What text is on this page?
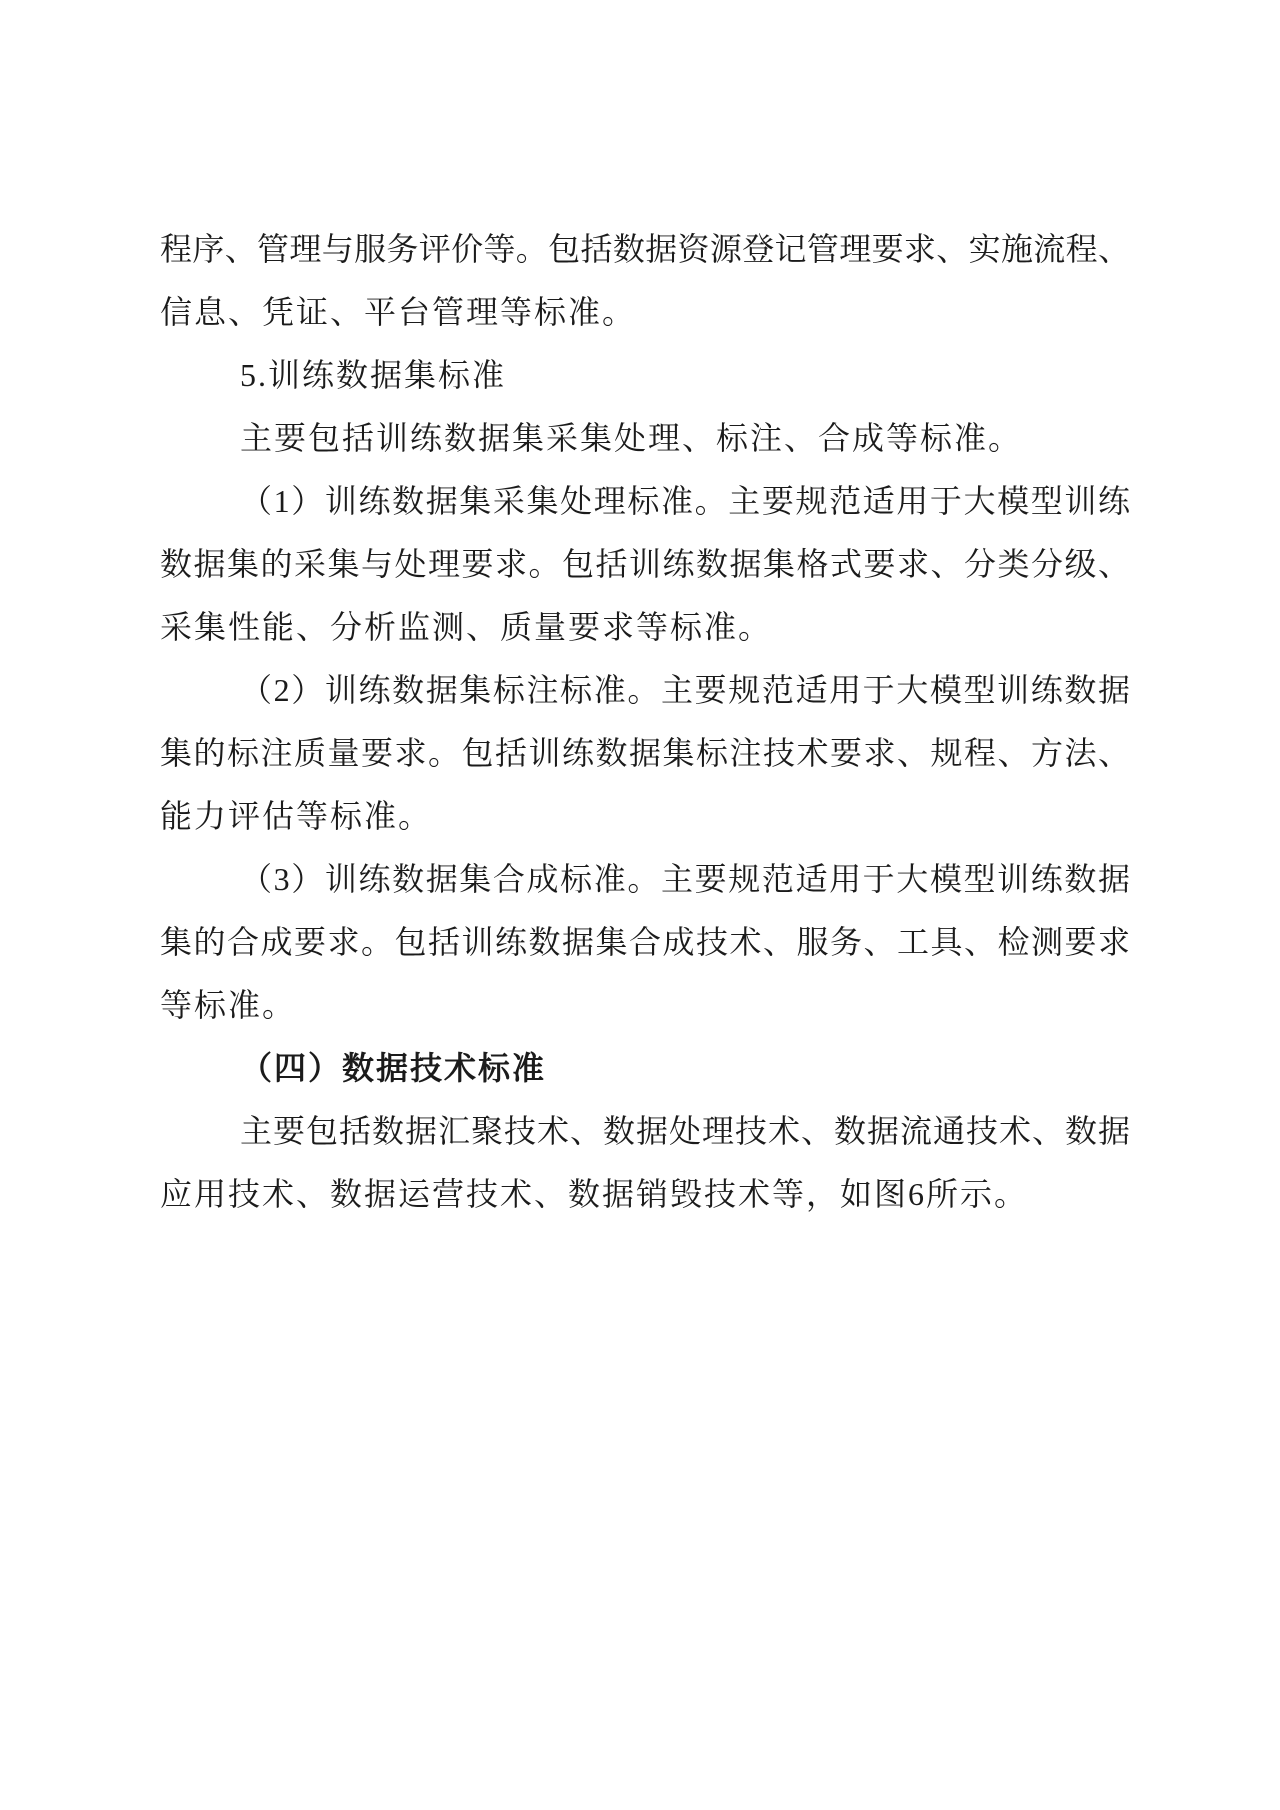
程序、管理与服务评价等。包括数据资源登记管理要求、实施流程、
信息、凭证、平台管理等标准。
5.训练数据集标准
主要包括训练数据集采集处理、标注、合成等标准。
（1）训练数据集采集处理标准。主要规范适用于大模型训练
数据集的采集与处理要求。包括训练数据集格式要求、分类分级、
采集性能、分析监测、质量要求等标准。
（2）训练数据集标注标准。主要规范适用于大模型训练数据
集的标注质量要求。包括训练数据集标注技术要求、规程、方法、
能力评估等标准。
（3）训练数据集合成标准。主要规范适用于大模型训练数据
集的合成要求。包括训练数据集合成技术、服务、工具、检测要求
等标准。
（四）数据技术标准
主要包括数据汇聚技术、数据处理技术、数据流通技术、数据
应用技术、数据运营技术、数据销毁技术等，如图6所示。
